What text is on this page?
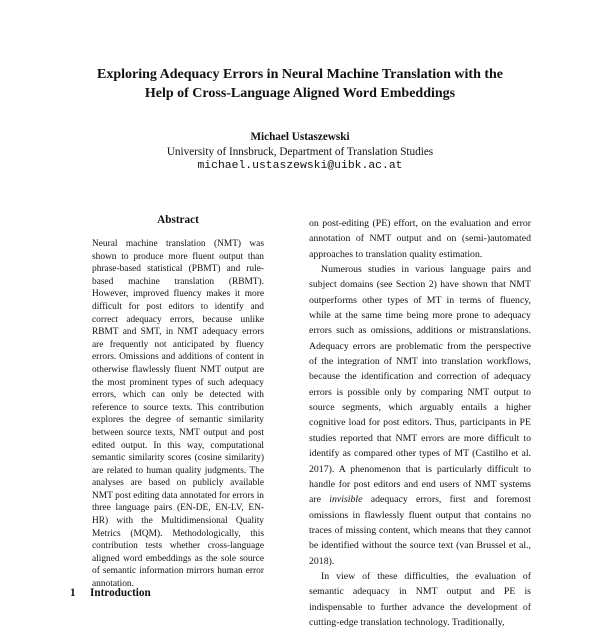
Exploring Adequacy Errors in Neural Machine Translation with the
Help of Cross-Language Aligned Word Embeddings
Michael Ustaszewski
University of Innsbruck, Department of Translation Studies
michael.ustaszewski@uibk.ac.at
Abstract
Neural machine translation (NMT) was shown to produce more fluent output than phrase-based statistical (PBMT) and rule-based machine translation (RBMT). However, improved fluency makes it more difficult for post editors to identify and correct adequacy errors, because unlike RBMT and SMT, in NMT adequacy errors are frequently not anticipated by fluency errors. Omissions and additions of content in otherwise flawlessly fluent NMT output are the most prominent types of such adequacy errors, which can only be detected with reference to source texts. This contribution explores the degree of semantic similarity between source texts, NMT output and post edited output. In this way, computational semantic similarity scores (cosine similarity) are related to human quality judgments. The analyses are based on publicly available NMT post editing data annotated for errors in three language pairs (EN-DE, EN-LV, EN-HR) with the Multidimensional Quality Metrics (MQM). Methodologically, this contribution tests whether cross-language aligned word embeddings as the sole source of semantic information mirrors human error annotation.

on post-editing (PE) effort, on the evaluation and error annotation of NMT output and on (semi-)automated approaches to translation quality estimation.

Numerous studies in various language pairs and subject domains (see Section 2) have shown that NMT outperforms other types of MT in terms of fluency, while at the same time being more prone to adequacy errors such as omissions, additions or mistranslations. Adequacy errors are problematic from the perspective of the integration of NMT into translation workflows, because the identification and correction of adequacy errors is possible only by comparing NMT output to source segments, which arguably entails a higher cognitive load for post editors. Thus, participants in PE studies reported that NMT errors are more difficult to identify as compared other types of MT (Castilho et al. 2017). A phenomenon that is particularly difficult to handle for post editors and end users of NMT systems are invisible adequacy errors, first and foremost omissions in flawlessly fluent output that contains no traces of missing content, which means that they cannot be identified without the source text (van Brussel et al., 2018).

In view of these difficulties, the evaluation of semantic adequacy in NMT output and PE is indispensable to further advance the development of cutting-edge translation technology. Traditionally,

1 Introduction
